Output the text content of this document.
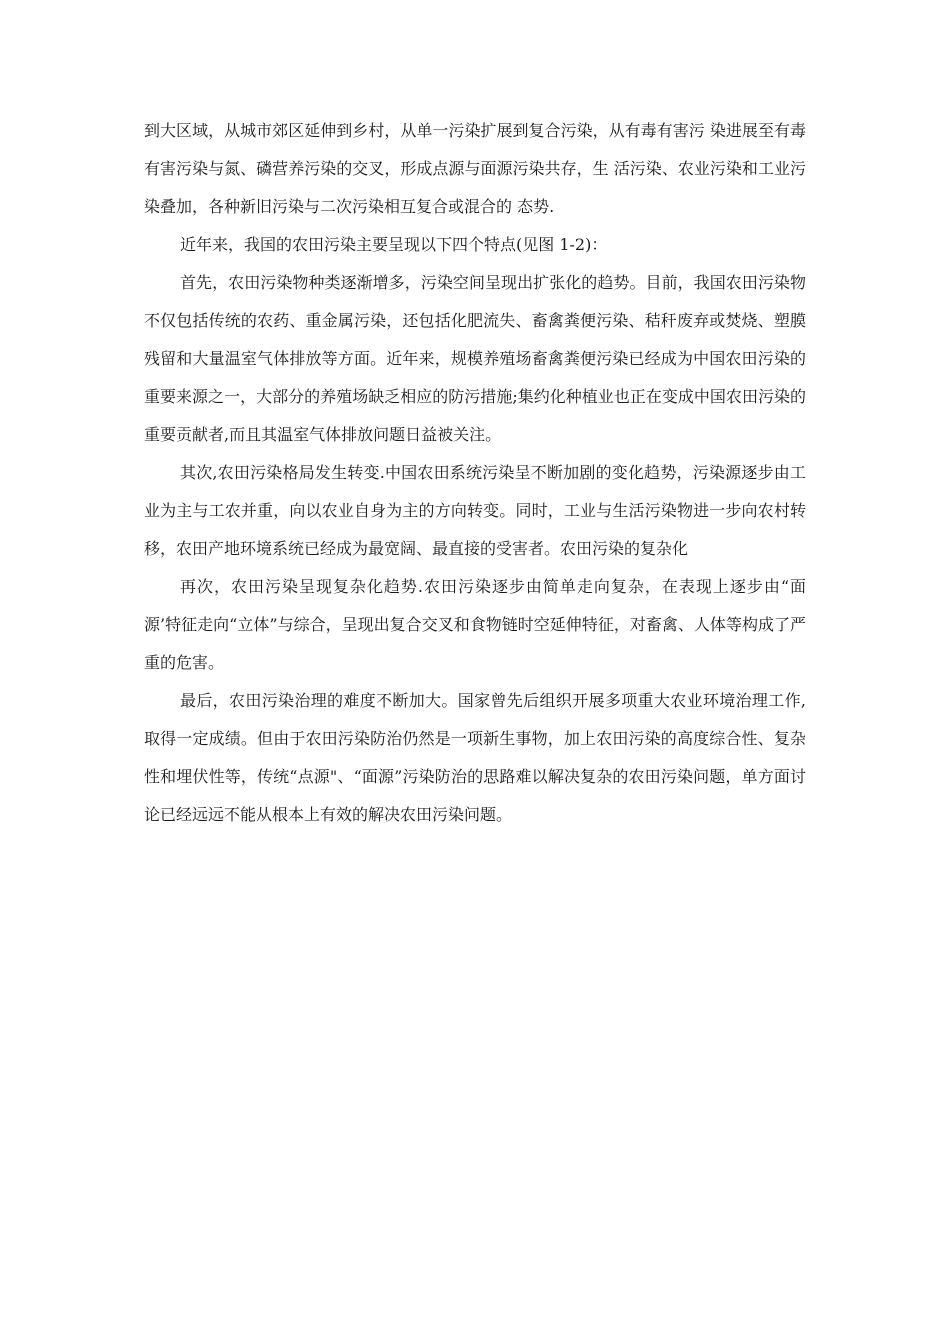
到大区域，从城市郊区延伸到乡村，从单一污染扩展到复合污染，从有毒有害污 染进展至有毒有害污染与氮、磷营养污染的交叉，形成点源与面源污染共存，生 活污染、农业污染和工业污染叠加，各种新旧污染与二次污染相互复合或混合的 态势.

近年来，我国的农田污染主要呈现以下四个特点(见图 1-2)：

首先，农田污染物种类逐渐增多，污染空间呈现出扩张化的趋势。目前，我国农田污染物不仅包括传统的农药、重金属污染，还包括化肥流失、畜禽粪便污染、秸秆废弃或焚烧、塑膜残留和大量温室气体排放等方面。近年来，规模养殖场畜禽粪便污染已经成为中国农田污染的重要来源之一，大部分的养殖场缺乏相应的防污措施;集约化种植业也正在变成中国农田污染的重要贡献者,而且其温室气体排放问题日益被关注。

其次,农田污染格局发生转变.中国农田系统污染呈不断加剧的变化趋势，污染源逐步由工业为主与工农并重，向以农业自身为主的方向转变。同时，工业与生活污染物进一步向农村转移，农田产地环境系统已经成为最宽阔、最直接的受害者。农田污染的复杂化

再次，农田污染呈现复杂化趋势.农田污染逐步由简单走向复杂，在表现上逐步由“面源’特征走向“立体”与综合，呈现出复合交叉和食物链时空延伸特征，对畜禽、人体等构成了严重的危害。

最后，农田污染治理的难度不断加大。国家曾先后组织开展多项重大农业环境治理工作,取得一定成绩。但由于农田污染防治仍然是一项新生事物，加上农田污染的高度综合性、复杂性和埋伏性等，传统“点源"、“面源”污染防治的思路难以解决复杂的农田污染问题，单方面讨论已经远远不能从根本上有效的解决农田污染问题。
